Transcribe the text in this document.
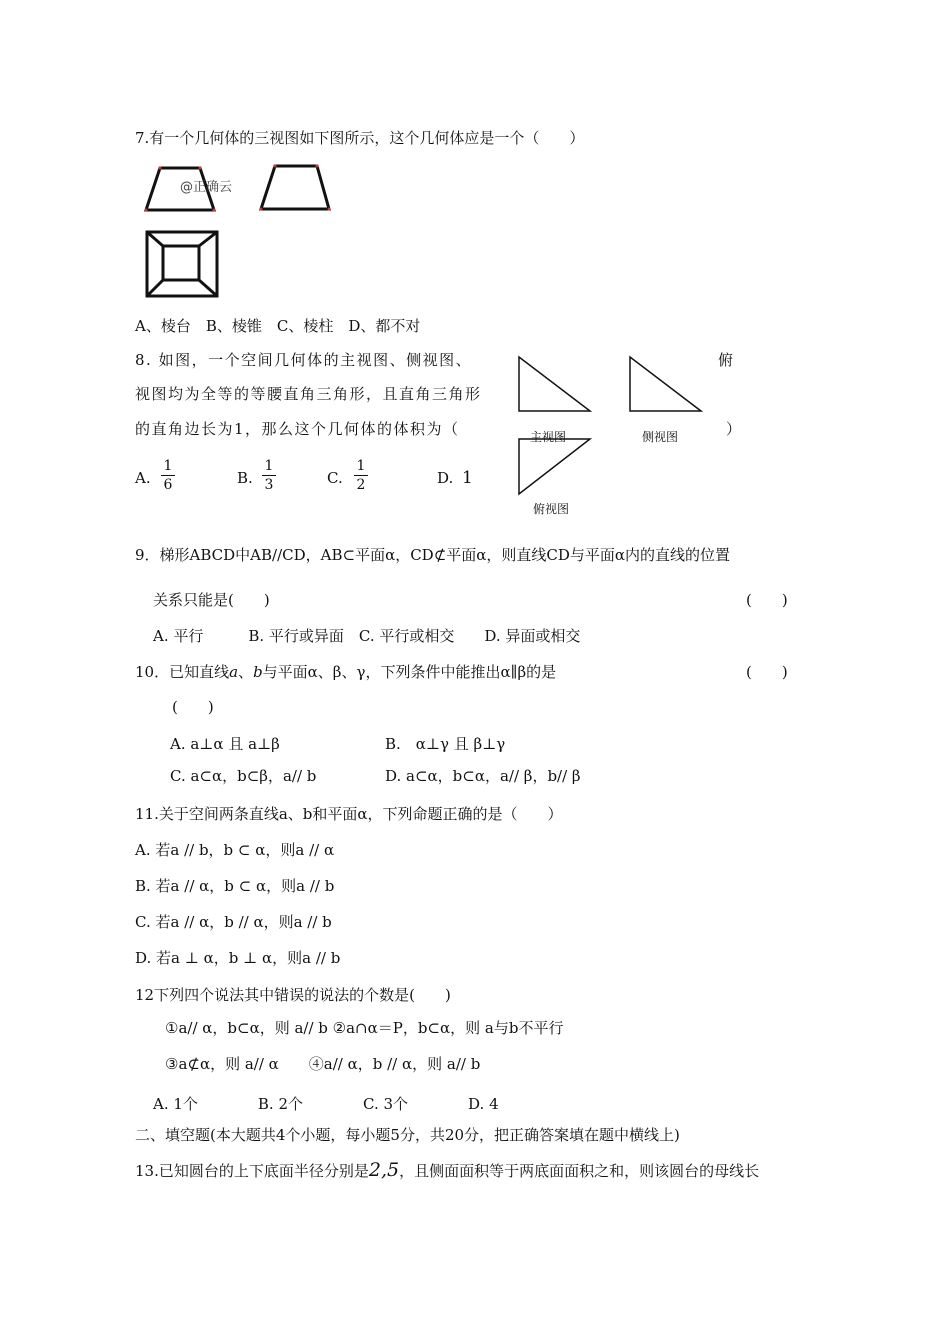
7.有一个几何体的三视图如下图所示，这个几何体应是一个（　　）
@正确云
A、棱台　B、棱锥　C、棱柱　D、都不对
8. 如图，一个空间几何体的主视图、侧视图、	俯
视图均为全等的等腰直角三角形，且直角三角形
的直角边长为1，那么这个几何体的体积为（	）
主视图	侧视图
俯视图
A.
1
6	B.
1
3	C.
1
2	D. 1
9．梯形ABCD中AB//CD，AB⊂平面α，CD⊄平面α，则直线CD与平面α内的直线的位置
关系只能是(　　)	(　　)
A. 平行　　　B. 平行或异面　C. 平行或相交　　D. 异面或相交
10．已知直线a、b与平面α、β、γ，下列条件中能推出α∥β的是	(　　)
(　　)
A. a⊥α 且 a⊥β	B.　α⊥γ 且 β⊥γ
C. a⊂α，b⊂β，a// b	D. a⊂α，b⊂α，a// β，b// β
11.关于空间两条直线a、b和平面α，下列命题正确的是（　　）
A. 若a // b，b ⊂ α，则a // α
B. 若a // α，b ⊂ α，则a // b
C. 若a // α，b // α，则a // b
D. 若a ⊥ α，b ⊥ α，则a // b
12下列四个说法其中错误的说法的个数是(　　)
①a// α，b⊂α，则 a// b ②a∩α＝P，b⊂α，则 a与b不平行
③a⊄α，则 a// α　　④a// α，b // α，则 a// b
A. 1个　　　　B. 2个　　　　C. 3个　　　　D. 4
二、填空题(本大题共4个小题，每小题5分，共20分，把正确答案填在题中横线上)
13.已知圆台的上下底面半径分别是2,5，且侧面面积等于两底面面积之和，则该圆台的母线长
